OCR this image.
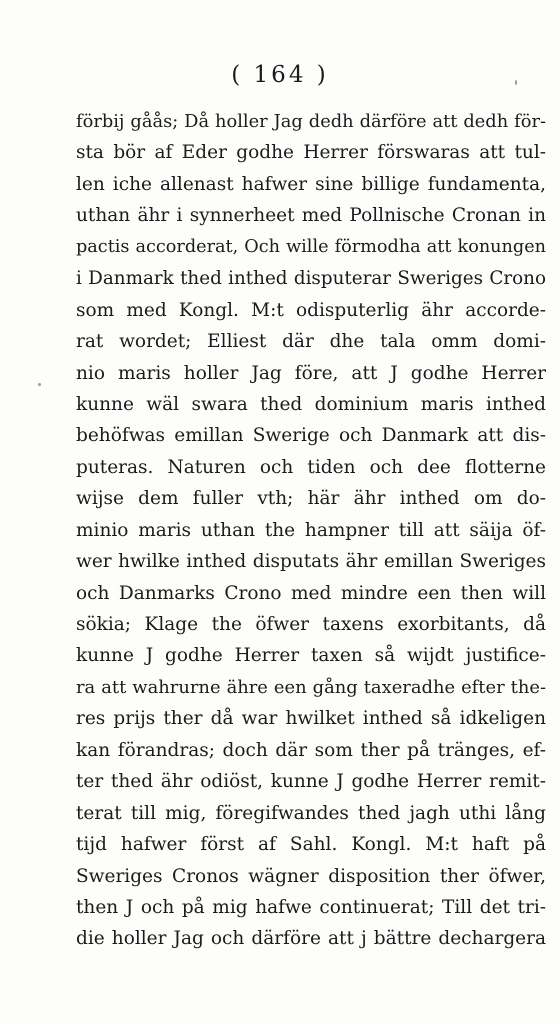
( 164 )
förbij gåås; Då holler Jag dedh därföre att dedh för-
sta bör af Eder godhe Herrer förswaras att tul-
len iche allenast hafwer sine billige fundamenta,
uthan ähr i synnerheet med Pollnische Cronan in
pactis accorderat, Och wille förmodha att konungen
i Danmark thed inthed disputerar Sweriges Crono
som med Kongl. M:t odisputerlig ähr accorde-
rat wordet; Elliest där dhe tala omm domi-
nio maris holler Jag före, att J godhe Herrer
kunne wäl swara thed dominium maris inthed
behöfwas emillan Swerige och Danmark att dis-
puteras. Naturen och tiden och dee flotterne
wijse dem fuller vth; här ähr inthed om do-
minio maris uthan the hampner till att säija öf-
wer hwilke inthed disputats ähr emillan Sweriges
och Danmarks Crono med mindre een then will
sökia; Klage the öfwer taxens exorbitants, då
kunne J godhe Herrer taxen så wijdt justifice-
ra att wahrurne ähre een gång taxeradhe efter the-
res prijs ther då war hwilket inthed så idkeligen
kan förandras; doch där som ther på tränges, ef-
ter thed ähr odiöst, kunne J godhe Herrer remit-
terat till mig, föregifwandes thed jagh uthi lång
tijd hafwer först af Sahl. Kongl. M:t haft på
Sweriges Cronos wägner disposition ther öfwer,
then J och på mig hafwe continuerat; Till det tri-
die holler Jag och därföre att j bättre dechargera
